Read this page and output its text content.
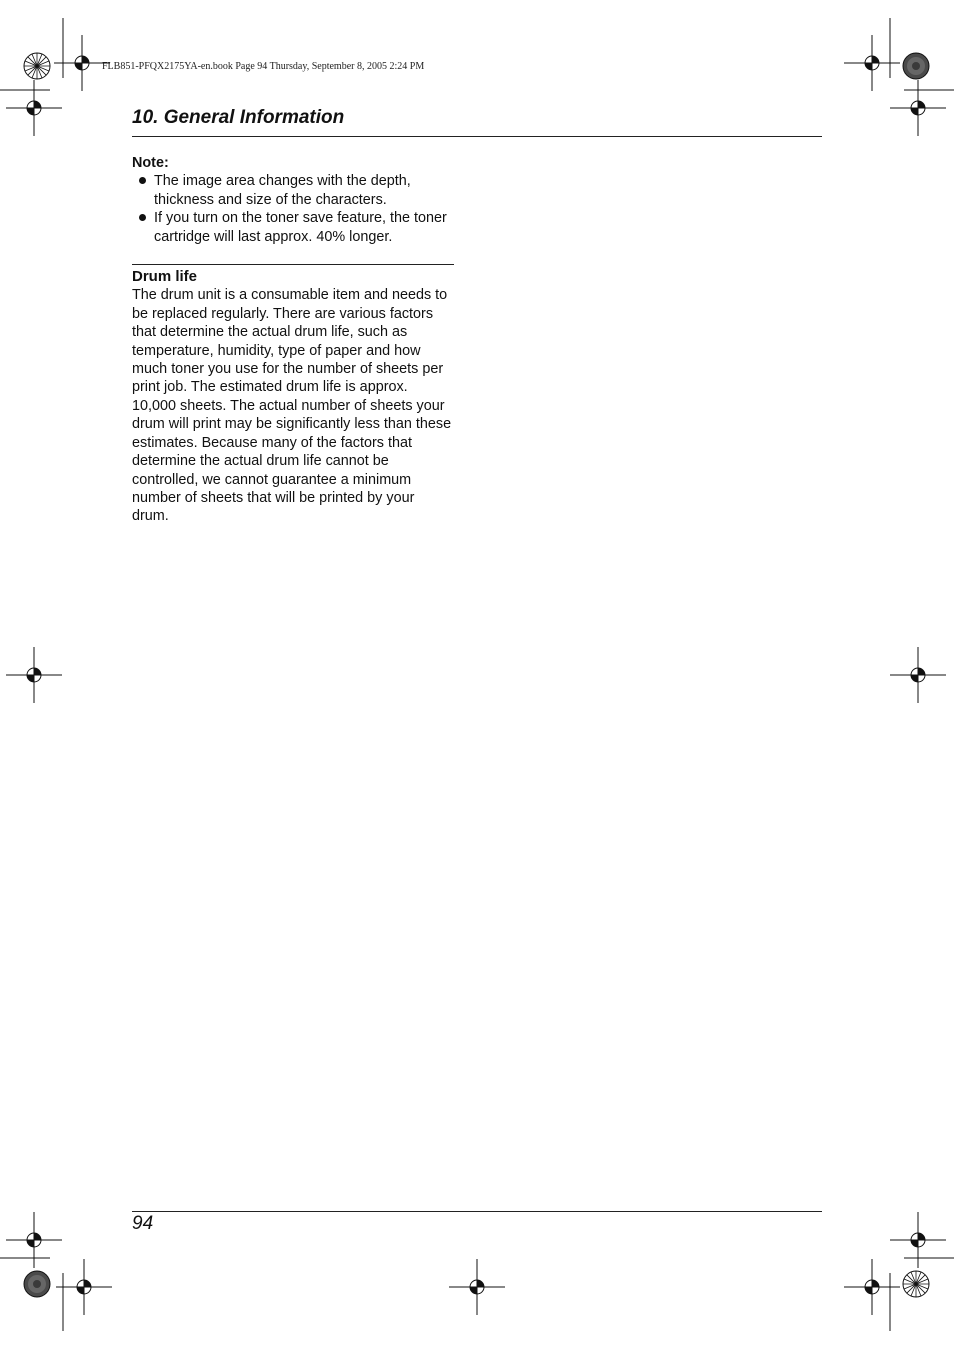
FLB851-PFQX2175YA-en.book Page 94 Thursday, September 8, 2005 2:24 PM
10. General Information

Note:

The image area changes with the depth, thickness and size of the characters.
If you turn on the toner save feature, the toner cartridge will last approx. 40% longer.

Drum life

The drum unit is a consumable item and needs to be replaced regularly. There are various factors that determine the actual drum life, such as temperature, humidity, type of paper and how much toner you use for the number of sheets per print job. The estimated drum life is approx. 10,000 sheets. The actual number of sheets your drum will print may be significantly less than these estimates. Because many of the factors that determine the actual drum life cannot be controlled, we cannot guarantee a minimum number of sheets that will be printed by your drum.

94
